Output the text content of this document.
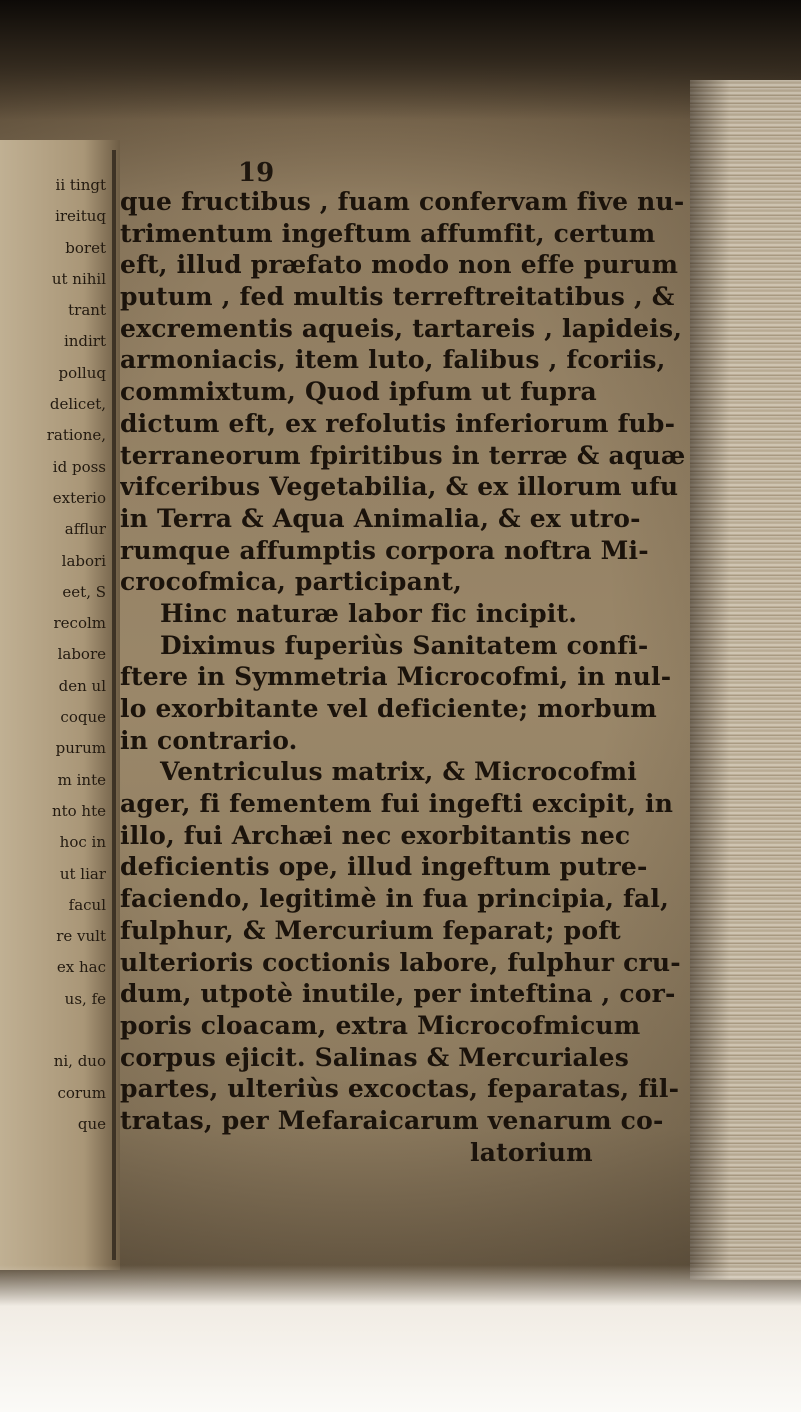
ii tingt
ireituq
boret
ut nihil
trant
indirt
polluq
delicet,
ratione,
id poss
exterio
afflur
labori
eet, S
recolm
labore
den ul
coque
purum
m inte
nto hte
hoc in
ut liar
facul
re vult
ex hac
us, fe
ni, duo
corum
que
19
que fructibus , fuam confervam five nu-
trimentum ingeftum affumfit, certum
eft, illud præfato modo non effe purum
putum , fed multis terreftreitatibus , &
excrementis aqueis, tartareis , lapideis,
armoniacis, item luto, falibus , fcoriis,
commixtum, Quod ipfum ut fupra
dictum eft, ex refolutis inferiorum fub-
terraneorum fpiritibus in terræ & aquæ
vifceribus Vegetabilia, & ex illorum ufu
in Terra & Aqua Animalia, & ex utro-
rumque affumptis corpora noftra Mi-
crocofmica, participant,
Hinc naturæ labor fic incipit.
Diximus fuperiùs Sanitatem confi-
ftere in Symmetria Microcofmi, in nul-
lo exorbitante vel deficiente; morbum
in contrario.
Ventriculus matrix, & Microcofmi
ager, fi fementem fui ingefti excipit, in
illo, fui Archæi nec exorbitantis nec
deficientis ope, illud ingeftum putre-
faciendo, legitimè in fua principia, fal,
fulphur, & Mercurium feparat; poft
ulterioris coctionis labore, fulphur cru-
dum, utpotè inutile, per inteftina , cor-
poris cloacam, extra Microcofmicum
corpus ejicit. Salinas & Mercuriales
partes, ulteriùs excoctas, feparatas, fil-
tratas, per Mefaraicarum venarum co-
latorium
